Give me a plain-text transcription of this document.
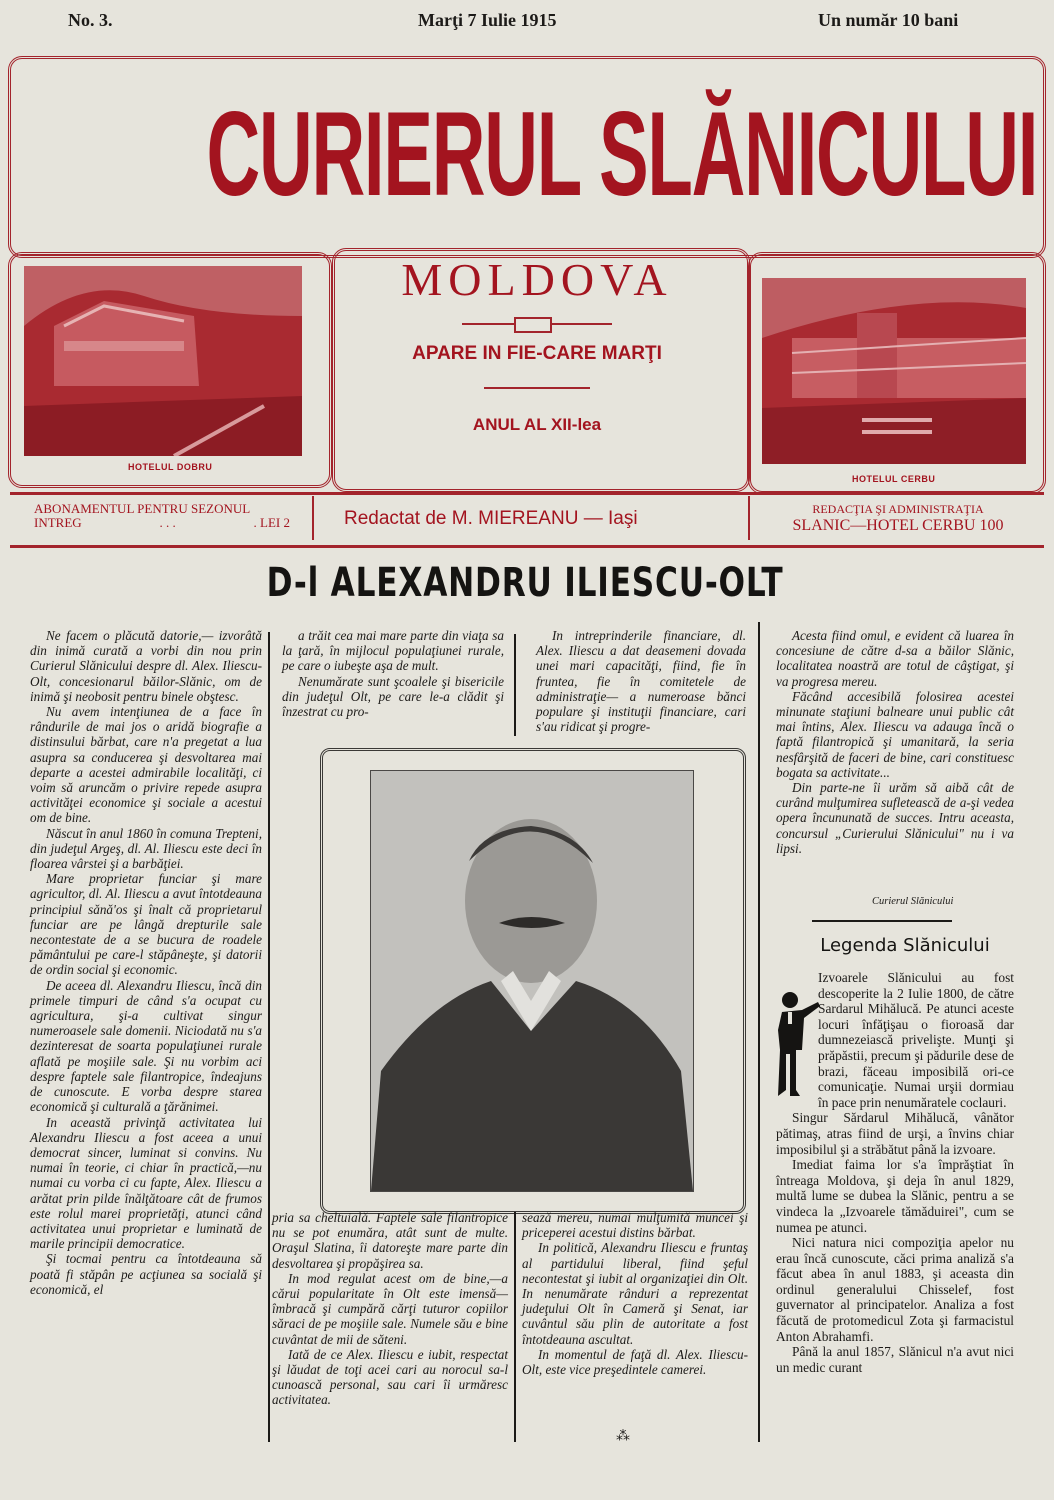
No. 3.	Marţi 7 Iulie 1915	Un număr 10 bani
CURIERUL SLĂNICULUI
HOTELUL DOBRU
HOTELUL CERBU
MOLDOVA
APARE IN FIE-CARE MARŢI
ANUL AL XII-lea
ABONAMENTUL PENTRU SEZONUL
INTREG	. . .	. LEI 2	Redactat de M. MIEREANU — Iaşi	REDACŢIA ŞI ADMINISTRAŢIA
SLANIC—HOTEL CERBU 100
D-l ALEXANDRU ILIESCU-OLT

Ne facem o plăcută datorie,— izvorâtă din inimă curată a vorbi din nou prin Curierul Slănicului despre dl. Alex. Iliescu-Olt, concesionarul băilor-Slănic, om de inimă şi neobosit pentru binele obştesc.

Nu avem intenţiunea de a face în rândurile de mai jos o aridă biografie a distinsului bărbat, care n'a pregetat a lua asupra sa conducerea şi desvoltarea mai departe a acestei admirabile localităţi, ci voim să aruncăm o privire repede asupra activităţei economice şi sociale a acestui om de bine.

Născut în anul 1860 în comuna Trepteni, din judeţul Argeş, dl. Al. Iliescu este deci în floarea vârstei şi a barbăţiei.

Mare proprietar funciar şi mare agricultor, dl. Al. Iliescu a avut întotdeauna principiul sănă'os şi înalt că proprietarul funciar are pe lângă drepturile sale necontestate de a se bucura de roadele pământului pe care-l stăpâneşte, şi datorii de ordin social şi economic.

De aceea dl. Alexandru Iliescu, încă din primele timpuri de când s'a ocupat cu agricultura, şi-a cultivat singur numeroasele sale domenii. Niciodată nu s'a dezinteresat de soarta populaţiunei rurale aflată pe moşiile sale. Şi nu vorbim aci despre faptele sale filantropice, îndeajuns de cunoscute. E vorba despre starea economică şi culturală a ţărănimei.

In această privinţă activitatea lui Alexandru Iliescu a fost aceea a unui democrat sincer, luminat si convins. Nu numai în teorie, ci chiar în practică,—nu numai cu vorba ci cu fapte, Alex. Iliescu a arătat prin pilde înălţătoare cât de frumos este rolul marei proprietăţi, atunci când activitatea unui proprietar e luminată de marile principii democratice.

Şi tocmai pentru ca întotdeauna să poată fi stăpân pe acţiunea sa socială şi economică, el

a trăit cea mai mare parte din viaţa sa la ţară, în mijlocul populaţiunei rurale, pe care o iubeşte aşa de mult.

Nenumărate sunt şcoalele şi bisericile din judeţul Olt, pe care le-a clădit şi înzestrat cu pro-

In intreprinderile financiare, dl. Alex. Iliescu a dat deasemeni dovada unei mari capacităţi, fiind, fie în fruntea, fie în comitetele de administraţie— a numeroase bănci populare şi instituţii financiare, cari s'au ridicat şi progre-

pria sa cheltuială. Faptele sale filantropice nu se pot enumăra, atât sunt de multe. Oraşul Slatina, îi datoreşte mare parte din desvoltarea şi propăşirea sa.

In mod regulat acest om de bine,—a cărui popularitate în Olt este imensă—îmbracă şi cumpără cărţi tuturor copiilor săraci de pe moşiile sale. Numele său e bine cuvântat de mii de săteni.

Iată de ce Alex. Iliescu e iubit, respectat şi lăudat de toţi acei cari au norocul sa-l cunoască personal, sau cari îi urmăresc activitatea.

sează mereu, numai mulţumită muncei şi priceperei acestui distins bărbat.

In politică, Alexandru Iliescu e fruntaş al partidului liberal, fiind şeful necontestat şi iubit al organizaţiei din Olt. In nenumărate rânduri a reprezentat judeţului Olt în Cameră şi Senat, iar cuvântul său plin de autoritate a fost întotdeauna ascultat.

In momentul de faţă dl. Alex. Iliescu-Olt, este vice preşedintele camerei.

⁂

Acesta fiind omul, e evident că luarea în concesiune de către d-sa a băilor Slănic, localitatea noastră are totul de câştigat, şi va progresa mereu.

Făcând accesibilă folosirea acestei minunate staţiuni balneare unui public cât mai întins, Alex. Iliescu va adauga încă o faptă filantropică şi umanitară, la seria nesfârşită de faceri de bine, cari constituesc bogata sa activitate...

Din parte-ne îi urăm să aibă cât de curând mulţumirea sufletească de a-şi vedea opera încununată de succes. Intru aceasta, concursul „Curierului Slănicului" nu i va lipsi.

Curierul Slănicului
Legenda Slănicului

Izvoarele Slănicului au fost descoperite la 2 Iulie 1800, de către Sardarul Mihălucă. Pe atunci aceste locuri înfăţişau o fioroasă dar dumnezeiască privelişte. Munţi şi prăpăstii, precum şi pădurile dese de brazi, făceau imposibilă ori-ce comunicaţie. Numai urşii dormiau în pace prin nenumăratele coclauri.

Singur Sărdarul Mihălucă, vânător pătimaş, atras fiind de urşi, a învins chiar imposibilul şi a străbătut până la izvoare.

Imediat faima lor s'a împrăştiat în întreaga Moldova, şi deja în anul 1829, multă lume se dubea la Slănic, pentru a se vindeca la „Izvoarele tămăduirei", cum se numea pe atunci.

Nici natura nici compoziţia apelor nu erau încă cunoscute, căci prima analiză s'a făcut abea în anul 1883, şi aceasta din ordinul generalului Chisselef, fost guvernator al principatelor. Analiza a fost făcută de protomedicul Zota şi farmacistul Anton Abrahamfi.

Până la anul 1857, Slănicul n'a avut nici un medic curant
